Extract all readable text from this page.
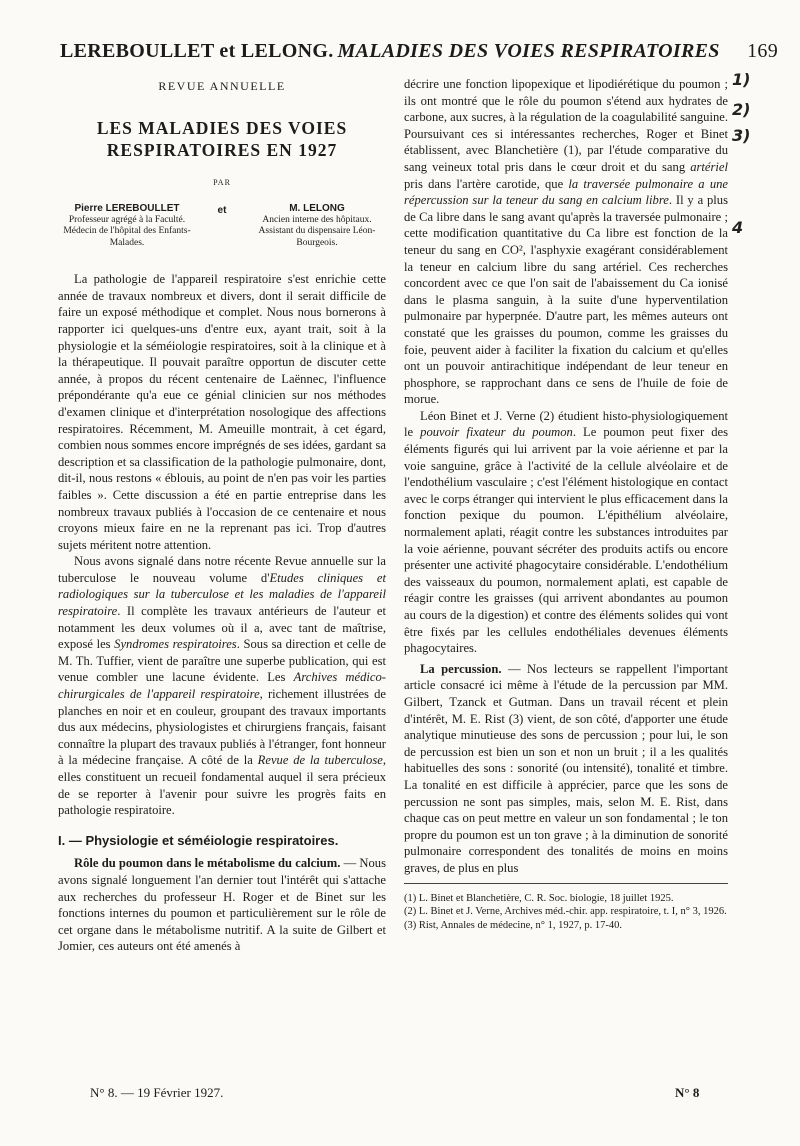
LEREBOULLET et LELONG. MALADIES DES VOIES RESPIRATOIRES 169
REVUE ANNUELLE
LES MALADIES DES VOIES RESPIRATOIRES EN 1927
PAR
Pierre LEREBOULLET
Professeur agrégé à la Faculté. Médecin de l'hôpital des Enfants-Malades.
et	M. LELONG
Ancien interne des hôpitaux. Assistant du dispensaire Léon-Bourgeois.

La pathologie de l'appareil respiratoire s'est enrichie cette année de travaux nombreux et divers, dont il serait difficile de faire un exposé méthodique et complet. Nous nous bornerons à rapporter ici quelques-uns d'entre eux, ayant trait, soit à la physiologie et la séméiologie respiratoires, soit à la clinique et à la thérapeutique. Il pouvait paraître opportun de discuter cette année, à propos du récent centenaire de Laënnec, l'influence prépondérante qu'a eue ce génial clinicien sur nos méthodes d'examen clinique et d'interprétation nosologique des affections respiratoires. Récemment, M. Ameuille montrait, à cet égard, combien nous sommes encore imprégnés de ses idées, gardant sa description et sa classification de la pathologie pulmonaire, dont, dit-il, nous restons « éblouis, au point de n'en pas voir les parties faibles ». Cette discussion a été en partie entreprise dans les nombreux travaux publiés à l'occasion de ce centenaire et nous croyons mieux faire en ne la reprenant pas ici. Trop d'autres sujets méritent notre attention.

Nous avons signalé dans notre récente Revue annuelle sur la tuberculose le nouveau volume d'Etudes cliniques et radiologiques sur la tuberculose et les maladies de l'appareil respiratoire. Il complète les travaux antérieurs de l'auteur et notamment les deux volumes où il a, avec tant de maîtrise, exposé les Syndromes respiratoires. Sous sa direction et celle de M. Th. Tuffier, vient de paraître une superbe publication, qui est venue combler une lacune évidente. Les Archives médico-chirurgicales de l'appareil respiratoire, richement illustrées de planches en noir et en couleur, groupant des travaux importants dus aux médecins, physiologistes et chirurgiens français, faisant connaître la plupart des travaux publiés à l'étranger, font honneur à la médecine française. A côté de la Revue de la tuberculose, elles constituent un recueil fondamental auquel il sera précieux de se reporter à l'avenir pour suivre les progrès faits en pathologie respiratoire.

I. — Physiologie et séméiologie respiratoires.

Rôle du poumon dans le métabolisme du calcium. — Nous avons signalé longuement l'an dernier tout l'intérêt qui s'attache aux recherches du professeur H. Roger et de Binet sur les fonctions internes du poumon et particulièrement sur le rôle de cet organe dans le métabolisme nutritif. A la suite de Gilbert et Jomier, ces auteurs ont été amenés à

décrire une fonction lipopexique et lipodiérétique du poumon ; ils ont montré que le rôle du poumon s'étend aux hydrates de carbone, aux sucres, à la régulation de la coagulabilité sanguine. Poursuivant ces si intéressantes recherches, Roger et Binet établissent, avec Blanchetière (1), par l'étude comparative du sang veineux total pris dans le cœur droit et du sang artériel pris dans l'artère carotide, que la traversée pulmonaire a une répercussion sur la teneur du sang en calcium libre. Il y a plus de Ca libre dans le sang avant qu'après la traversée pulmonaire ; cette modification quantitative du Ca libre est fonction de la teneur du sang en CO², l'asphyxie exagérant considérablement la teneur en calcium libre du sang artériel. Ces recherches concordent avec ce que l'on sait de l'abaissement du Ca ionisé dans le plasma sanguin, à la suite d'une hyperventilation pulmonaire par hyperpnée. D'autre part, les mêmes auteurs ont constaté que les graisses du poumon, comme les graisses du foie, peuvent aider à faciliter la fixation du calcium et qu'elles ont un pouvoir antirachitique indépendant de leur teneur en phosphore, se rapprochant dans ce sens de l'huile de foie de morue.

Léon Binet et J. Verne (2) étudient histo-physiologiquement le pouvoir fixateur du poumon. Le poumon peut fixer des éléments figurés qui lui arrivent par la voie aérienne et par la voie sanguine, grâce à l'activité de la cellule alvéolaire et de l'endothélium vasculaire ; c'est l'élément histologique en contact avec le corps étranger qui intervient le plus efficacement dans la fonction pexique du poumon. L'épithélium alvéolaire, normalement aplati, réagit contre les substances introduites par la voie aérienne, pouvant sécréter des produits actifs ou encore présenter une activité phagocytaire considérable. L'endothélium des vaisseaux du poumon, normalement aplati, est capable de réagir contre les graisses (qui arrivent abondantes au poumon au cours de la digestion) et contre des éléments solides qui vont être fixés par les cellules endothéliales devenues éléments phagocytaires.

La percussion. — Nos lecteurs se rappellent l'important article consacré ici même à l'étude de la percussion par MM. Gilbert, Tzanck et Gutman. Dans un travail récent et plein d'intérêt, M. E. Rist (3) vient, de son côté, d'apporter une étude analytique minutieuse des sons de percussion ; pour lui, le son de percussion est bien un son et non un bruit ; il a les qualités habituelles des sons : sonorité (ou intensité), tonalité et timbre. La tonalité en est difficile à apprécier, parce que les sons de percussion ne sont pas simples, mais, selon M. E. Rist, dans chaque cas on peut mettre en valeur un son fondamental ; le ton propre du poumon est un ton grave ; à la diminution de sonorité pulmonaire correspondent des tonalités de moins en moins graves, de plus en plus

(1) L. Binet et Blanchetière, C. R. Soc. biologie, 18 juillet 1925.
(2) L. Binet et J. Verne, Archives méd.-chir. app. respiratoire, t. I, n° 3, 1926.
(3) Rist, Annales de médecine, n° 1, 1927, p. 17-40.
1)
2)
3)
4
N° 8. — 19 Février 1927.	N° 8
